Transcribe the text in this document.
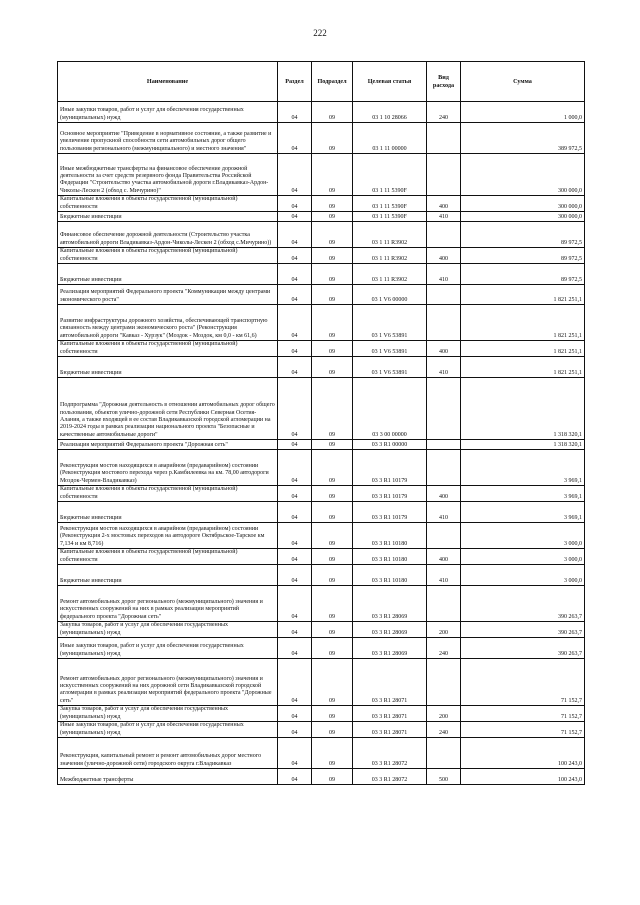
222
Наименование	Раздел	Подраздел	Целевая статья	Вид расхода	Сумма
Иные закупки товаров, работ и услуг для обеспечения государственных (муниципальных) нужд	04	09	03 1 10 28066	240	1 000,0
Основное мероприятие "Приведение в нормативное состояние, а также развитие и увеличение пропускной способности сети автомобильных дорог общего пользования регионального (межмуниципального) и местного значения"	04	09	03 1 11 00000		389 972,5
Иные межбюджетные трансферты на финансовое обеспечение дорожной деятельности за счет средств резервного фонда Правительства Российской Федерации "Строительство участка автомобильной дороги г.Владикавказ-Ардон-Чиколы-Лескен 2 (обход с. Мичурино)"	04	09	03 1 11 5390F		300 000,0
Капитальные вложения в объекты государственной (муниципальной) собственности	04	09	03 1 11 5390F	400	300 000,0
Бюджетные инвестиции	04	09	03 1 11 5390F	410	300 000,0
Финансовое обеспечение дорожной деятельности (Строительство участка автомобильной дороги Владикавказ-Ардон-Чиколы-Лескен 2 (обход с.Мичурино))	04	09	03 1 11 R3902		89 972,5
Капитальные вложения в объекты государственной (муниципальной) собственности	04	09	03 1 11 R3902	400	89 972,5
Бюджетные инвестиции	04	09	03 1 11 R3902	410	89 972,5
Реализация мероприятий Федерального проекта "Коммуникации между центрами экономического роста"	04	09	03 1 V6 00000		1 821 251,1
Развитие инфраструктуры дорожного хозяйства, обеспечивающей транспортную связанность между центрами экономического роста" (Реконструкция автомобильной дороги "Кавказ - Хурзук" (Моздок - Моздок, км 0,0 - км 61,6)	04	09	03 1 V6 53891		1 821 251,1
Капитальные вложения в объекты государственной (муниципальной) собственности	04	09	03 1 V6 53891	400	1 821 251,1
Бюджетные инвестиции	04	09	03 1 V6 53891	410	1 821 251,1
Подпрограмма "Дорожная деятельность в отношении автомобильных дорог общего пользования, объектов улично-дорожной сети Республики Северная Осетия-Алания, а также входящей в ее состав Владикавказской городской агломерации на 2019-2024 годы в рамках реализации национального проекта "Безопасные и качественные автомобильные дороги"	04	09	03 3 00 00000		1 318 320,1
Реализация мероприятий Федерального проекта "Дорожная сеть"	04	09	03 3 R1 00000		1 318 320,1
Реконструкция мостов находящихся в аварийном (предаварийном) состоянии (Реконструкция мостового перехода через р.Камбилеевка на км. 78,00 автодороги Моздок-Чермен-Владикавказ)	04	09	03 3 R1 10179		3 969,1
Капитальные вложения в объекты государственной (муниципальной) собственности	04	09	03 3 R1 10179	400	3 969,1
Бюджетные инвестиции	04	09	03 3 R1 10179	410	3 969,1
Реконструкция мостов находящихся в аварийном (предаварийном) состоянии (Реконструкция 2-х мостовых переходов на автодороге Октябрьское-Тарское км 7,134 и км 8,716)	04	09	03 3 R1 10180		3 000,0
Капитальные вложения в объекты государственной (муниципальной) собственности	04	09	03 3 R1 10180	400	3 000,0
Бюджетные инвестиции	04	09	03 3 R1 10180	410	3 000,0
Ремонт автомобильных дорог регионального (межмуниципального) значения и искусственных сооружений на них в рамках реализации мероприятий федерального проекта "Дорожная сеть"	04	09	03 3 R1 28069		390 263,7
Закупка товаров, работ и услуг для обеспечения государственных (муниципальных) нужд	04	09	03 3 R1 28069	200	390 263,7
Иные закупки товаров, работ и услуг для обеспечения государственных (муниципальных) нужд	04	09	03 3 R1 28069	240	390 263,7
Ремонт автомобильных дорог регионального (межмуниципального) значения и искусственных сооружений на них дорожной сети Владикавказской городской агломерации в рамках реализации мероприятий федерального проекта "Дорожные сеть"	04	09	03 3 R1 28071		71 152,7
Закупка товаров, работ и услуг для обеспечения государственных (муниципальных) нужд	04	09	03 3 R1 28071	200	71 152,7
Иные закупки товаров, работ и услуг для обеспечения государственных (муниципальных) нужд	04	09	03 3 R1 28071	240	71 152,7
Реконструкция, капитальный ремонт и ремонт автомобильных дорог местного значения (улично-дорожной сети) городского округа г.Владикавказ	04	09	03 3 R1 28072		100 243,0
Межбюджетные трансферты	04	09	03 3 R1 28072	500	100 243,0
